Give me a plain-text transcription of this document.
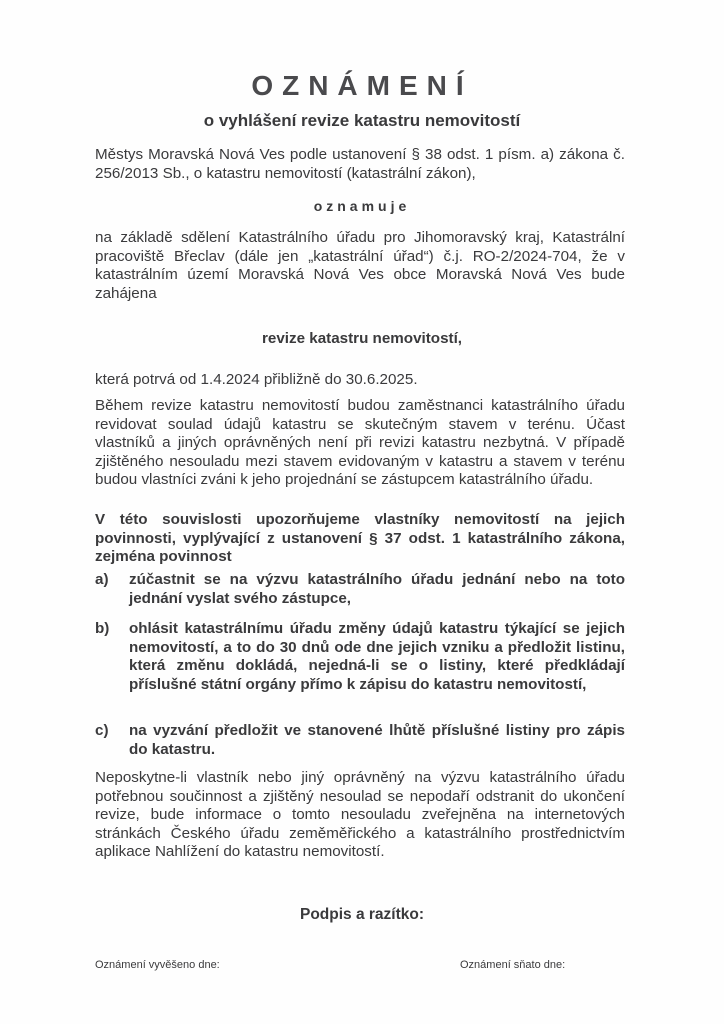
OZNÁMENÍ
o vyhlášení revize katastru nemovitostí
Městys Moravská Nová Ves podle ustanovení § 38 odst. 1 písm. a) zákona č. 256/2013 Sb., o katastru nemovitostí (katastrální zákon),
oznamuje
na základě sdělení Katastrálního úřadu pro Jihomoravský kraj, Katastrální pracoviště Břeclav (dále jen „katastrální úřad“) č.j. RO-2/2024-704, že v katastrálním území Moravská Nová Ves obce Moravská Nová Ves bude zahájena
revize katastru nemovitostí,
která potrvá od 1.4.2024 přibližně do 30.6.2025.
Během revize katastru nemovitostí budou zaměstnanci katastrálního úřadu revidovat soulad údajů katastru se skutečným stavem v terénu. Účast vlastníků a jiných oprávněných není při revizi katastru nezbytná. V případě zjištěného nesouladu mezi stavem evidovaným v katastru a stavem v terénu budou vlastníci zváni k jeho projednání se zástupcem katastrálního úřadu.
V této souvislosti upozorňujeme vlastníky nemovitostí na jejich povinnosti, vyplývající z ustanovení § 37 odst. 1 katastrálního zákona, zejména povinnost
a)	zúčastnit se na výzvu katastrálního úřadu jednání nebo na toto jednání vyslat svého zástupce,
b)	ohlásit katastrálnímu úřadu změny údajů katastru týkající se jejich nemovitostí, a to do 30 dnů ode dne jejich vzniku a předložit listinu, která změnu dokládá, nejedná-li se o listiny, které předkládají příslušné státní orgány přímo k zápisu do katastru nemovitostí,
c)	na vyzvání předložit ve stanovené lhůtě příslušné listiny pro zápis do katastru.
Neposkytne-li vlastník nebo jiný oprávněný na výzvu katastrálního úřadu potřebnou součinnost a zjištěný nesoulad se nepodaří odstranit do ukončení revize, bude informace o tomto nesouladu zveřejněna na internetových stránkách Českého úřadu zeměměřického a katastrálního prostřednictvím aplikace Nahlížení do katastru nemovitostí.
Podpis a razítko:
Oznámení vyvěšeno dne:	Oznámení sňato dne:
